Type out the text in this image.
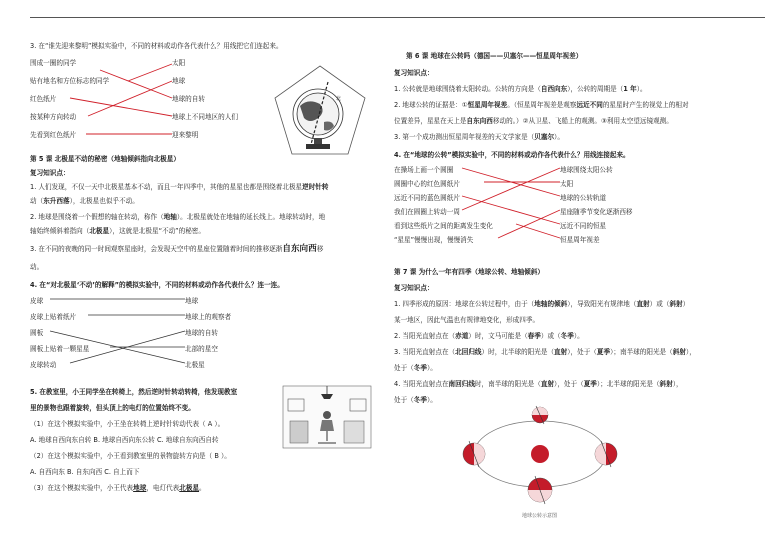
3. 在“谁先迎来黎明”模拟实验中，不同的材料或动作各代表什么？用线把它们连起来。
围成一圈的同学
贴有地名和方位标志的同学
红色纸片
按某种方向转动
先看到红色纸片
太阳
地球
地球的自转
地球上不同地区的人们
迎来黎明
北
第 5 课 北极星不动的秘密（地轴倾斜指向北极星）
复习知识点：
1. 人们发现，不仅一天中北极星基本不动，而且一年四季中，其他的星星也都是围绕着北极星逆时针转
动（东升西落），北极星也似乎不动。
2. 地球是围绕着一个假想的轴在转动，称作（地轴）。北极星就处在地轴的延长线上。地球转动时，地
轴始终倾斜着指向（北极星），这就是北极星“不动”的秘密。
3. 在不同的夜晚的同一时间观察星座时，会发现天空中的星座位置随着时间的推移逐渐自东向西移
动。
4. 在“对北极星‘不动’的解释”的模拟实验中，不同的材料或动作各代表什么？连一连。
皮球
皮球上贴着纸片
圆板
圆板上贴着一颗星星
皮球转动
地球
地球上的观察者
地球的自转
北部的星空
北极星
5. 在教室里，小王同学坐在转椅上，然后逆时针转动转椅，他发现教室
里的景物也跟着旋转，但头顶上的电灯的位置始终不变。
（1）在这个模拟实验中，小王坐在转椅上逆时针转动代表（ A ）。
A. 地球自西向东自转 B. 地球自西向东公转 C. 地球自东向西自转
（2）在这个模拟实验中，小王看到教室里的景物旋转方向是（ B ）。
A. 自西向东 B. 自东向西 C. 自上而下
（3）在这个模拟实验中，小王代表地球，电灯代表北极星。
第 6 课 地球在公转吗（德国——贝塞尔——恒星周年视差）
复习知识点：
1. 公转就是地球围绕着太阳转动。公转的方向是（自西向东），公转的周期是（1 年）。
2. 地球公转的证据是：①恒星周年视差。（恒星周年视差是观察远近不同的星星时产生的视觉上的相对
位置差异，星星在天上是自东向西移动的。）②从卫星、飞船上的观测。③利用太空望远镜观测。
3. 第一个成功测出恒星周年视差的天文学家是（贝塞尔）。
4. 在“地球的公转”模拟实验中，不同的材料或动作各代表什么？用线连接起来。
在操场上画一个圆圈
圆圈中心的红色圆纸片
远近不同的蓝色圆纸片
我们在圆圈上转动一周
看到这些纸片之间的距离发生变化
“星星”慢慢出现，慢慢消失
地球围绕太阳公转
太阳
地球的公转轨道
星座随季节变化逐渐西移
远近不同的恒星
恒星周年视差
第 7 课 为什么一年有四季（地球公转、地轴倾斜）
复习知识点：
1. 四季形成的原因：地球在公转过程中，由于（地轴的倾斜），导致阳光有规律地（直射）或（斜射）
某一地区，因此气温也有规律地变化，形成四季。
2. 当阳光直射点在（赤道）时，文马可能是（春季）或（冬季）。
3. 当阳光直射点在（北回归线）时，北半球的阳光是（直射），处于（夏季）；南半球的阳光是（斜射），
处于（冬季）。
4. 当阳光直射点在南回归线时，南半球的阳光是（直射），处于（夏季）；北半球的阳光是（斜射），
处于（冬季）。
地球公转示意图
